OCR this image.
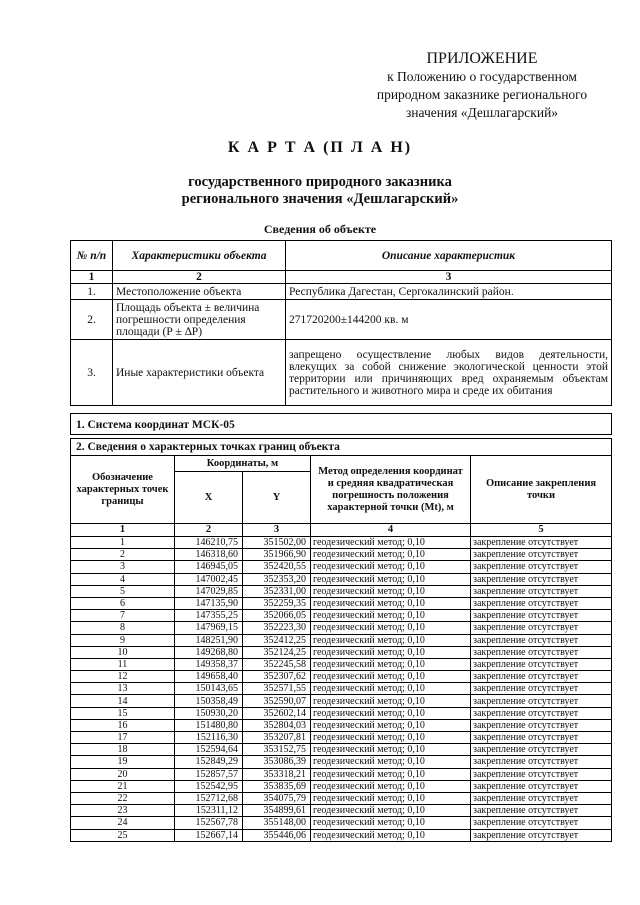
ПРИЛОЖЕНИЕ
к Положению о государственном
природном заказнике регионального
значения «Дешлагарский»
К А Р Т А (П Л А Н)
государственного природного заказника
регионального значения «Дешлагарский»
Сведения об объекте
№ п/п	Характеристики объекта	Описание характеристик
1	2	3
1.	Местоположение объекта	Республика Дагестан, Сергокалинский район.
2.	Площадь объекта ± величина погрешности определения площади (Р ± ∆Р)	271720200±144200 кв. м
3.	Иные характеристики объекта	запрещено осуществление любых видов деятельности, влекущих за собой снижение экологической ценности этой территории или причиняющих вред охраняемым объектам растительного и животного мира и среде их обитания
1. Система координат МСК-05
2. Сведения о характерных точках границ объекта
Обозначение характерных точек границы	Координаты, м		Метод определения координат и средняя квадратическая погрешность положения характерной точки (Mt), м	Описание закрепления точки
	X	Y		
1	2	3	4	5
1	146210,75	351502,00	геодезический метод; 0,10	закрепление отсутствует
2	146318,60	351966,90	геодезический метод; 0,10	закрепление отсутствует
3	146945,05	352420,55	геодезический метод; 0,10	закрепление отсутствует
4	147002,45	352353,20	геодезический метод; 0,10	закрепление отсутствует
5	147029,85	352331,00	геодезический метод; 0,10	закрепление отсутствует
6	147135,90	352259,35	геодезический метод; 0,10	закрепление отсутствует
7	147355,25	352066,05	геодезический метод; 0,10	закрепление отсутствует
8	147969,15	352223,30	геодезический метод; 0,10	закрепление отсутствует
9	148251,90	352412,25	геодезический метод; 0,10	закрепление отсутствует
10	149268,80	352124,25	геодезический метод; 0,10	закрепление отсутствует
11	149358,37	352245,58	геодезический метод; 0,10	закрепление отсутствует
12	149658,40	352307,62	геодезический метод; 0,10	закрепление отсутствует
13	150143,65	352571,55	геодезический метод; 0,10	закрепление отсутствует
14	150358,49	352590,07	геодезический метод; 0,10	закрепление отсутствует
15	150930,20	352602,14	геодезический метод; 0,10	закрепление отсутствует
16	151480,80	352804,03	геодезический метод; 0,10	закрепление отсутствует
17	152116,30	353207,81	геодезический метод; 0,10	закрепление отсутствует
18	152594,64	353152,75	геодезический метод; 0,10	закрепление отсутствует
19	152849,29	353086,39	геодезический метод; 0,10	закрепление отсутствует
20	152857,57	353318,21	геодезический метод; 0,10	закрепление отсутствует
21	152542,95	353835,69	геодезический метод; 0,10	закрепление отсутствует
22	152712,68	354075,79	геодезический метод; 0,10	закрепление отсутствует
23	152311,12	354899,61	геодезический метод; 0,10	закрепление отсутствует
24	152567,78	355148,00	геодезический метод; 0,10	закрепление отсутствует
25	152667,14	355446,06	геодезический метод; 0,10	закрепление отсутствует
